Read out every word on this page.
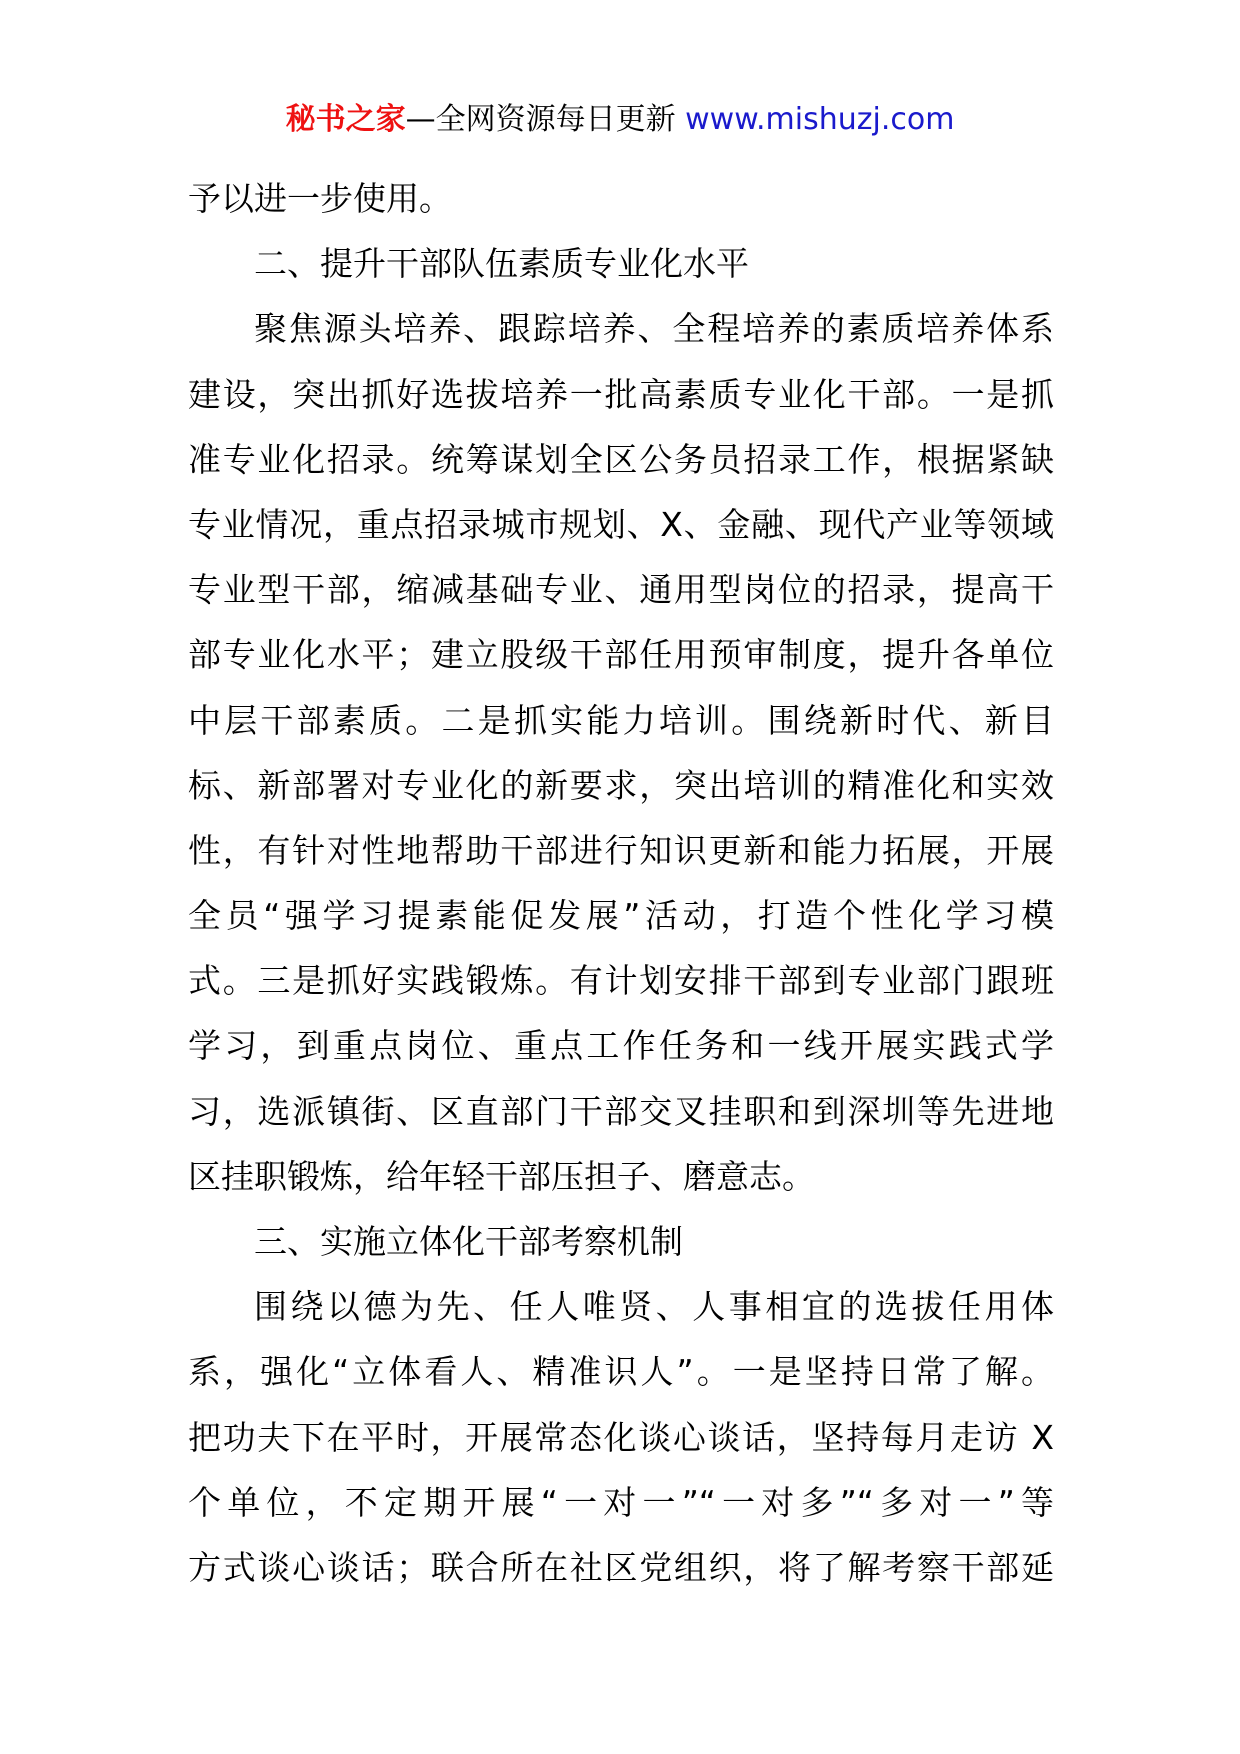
秘书之家—全网资源每日更新 www.mishuzj.com
予以进一步使用。
二、提升干部队伍素质专业化水平
聚焦源头培养、跟踪培养、全程培养的素质培养体系
建设，突出抓好选拔培养一批高素质专业化干部。一是抓
准专业化招录。统筹谋划全区公务员招录工作，根据紧缺
专业情况，重点招录城市规划、X、金融、现代产业等领域
专业型干部，缩减基础专业、通用型岗位的招录，提高干
部专业化水平；建立股级干部任用预审制度，提升各单位
中层干部素质。二是抓实能力培训。围绕新时代、新目
标、新部署对专业化的新要求，突出培训的精准化和实效
性，有针对性地帮助干部进行知识更新和能力拓展，开展
全员“强学习提素能促发展”活动，打造个性化学习模
式。三是抓好实践锻炼。有计划安排干部到专业部门跟班
学习，到重点岗位、重点工作任务和一线开展实践式学
习，选派镇街、区直部门干部交叉挂职和到深圳等先进地
区挂职锻炼，给年轻干部压担子、磨意志。
三、实施立体化干部考察机制
围绕以德为先、任人唯贤、人事相宜的选拔任用体
系，强化“立体看人、精准识人”。一是坚持日常了解。
把功夫下在平时，开展常态化谈心谈话，坚持每月走访 X
个单位，不定期开展“一对一”“一对多”“多对一”等
方式谈心谈话；联合所在社区党组织，将了解考察干部延
